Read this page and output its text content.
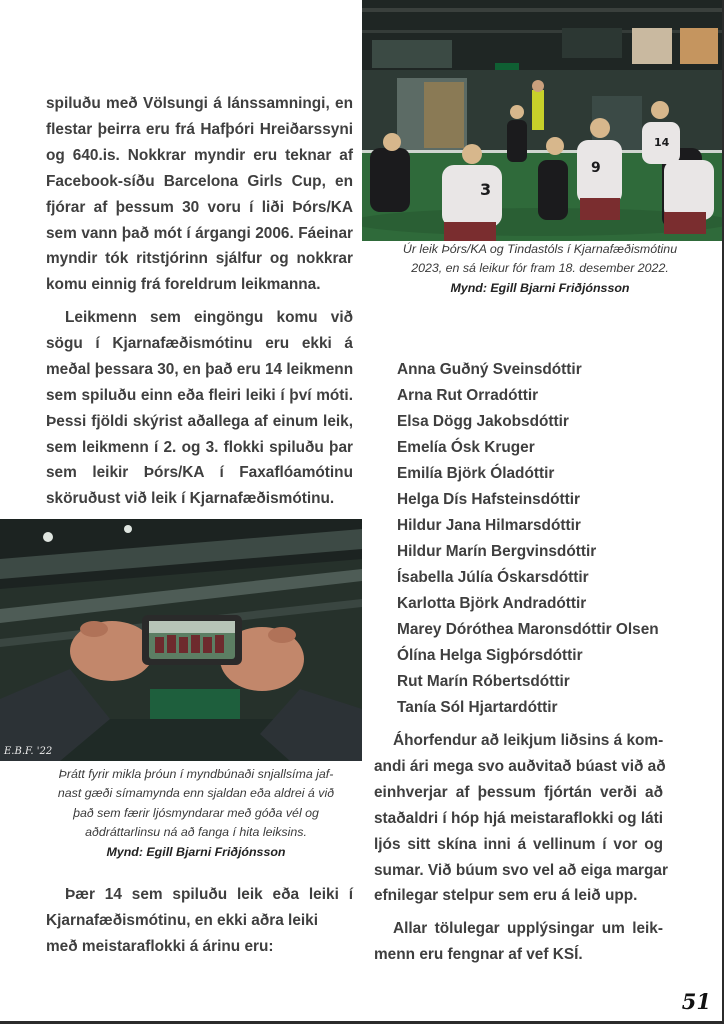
spiluðu með Völsungi á lánssamningi, en
flestar þeirra eru frá Hafþóri Hreiðarssyni
og 640.is. Nokkrar myndir eru teknar af
Facebook-síðu Barcelona Girls Cup, en
fjórar af þessum 30 voru í liði Þórs/KA
sem vann það mót í árgangi 2006. Fáeinar
myndir tók ritstjórinn sjálfur og nokkrar
komu einnig frá foreldrum leikmanna.
Leikmenn sem eingöngu komu við
sögu í Kjarnafæðismótinu eru ekki á
meðal þessara 30, en það eru 14 leikmenn
sem spiluðu einn eða fleiri leiki í því móti.
Þessi fjöldi skýrist aðallega af einum leik,
sem leikmenn í 2. og 3. flokki spiluðu þar
sem leikir Þórs/KA í Faxaflóamótinu
sköruðust við leik í Kjarnafæðismótinu.
3
9
14
Úr leik Þórs/KA og Tindastóls í Kjarnafæðismótinu
2023, en sá leikur fór fram 18. desember 2022.
Mynd: Egill Bjarni Friðjónsson
E.B.F. '22
Þrátt fyrir mikla þróun í myndbúnaði snjallsíma jaf-
nast gæði símamynda enn sjaldan eða aldrei á við
það sem færir ljósmyndarar með góða vél og
aðdráttarlinsu ná að fanga í hita leiksins.
Mynd: Egill Bjarni Friðjónsson
Þær 14 sem spiluðu leik eða leiki í
Kjarnafæðismótinu, en ekki aðra leiki
með meistaraflokki á árinu eru:
Anna Guðný Sveinsdóttir
Arna Rut Orradóttir
Elsa Dögg Jakobsdóttir
Emelía Ósk Kruger
Emilía Björk Óladóttir
Helga Dís Hafsteinsdóttir
Hildur Jana Hilmarsdóttir
Hildur Marín Bergvinsdóttir
Ísabella Júlía Óskarsdóttir
Karlotta Björk Andradóttir
Marey Dóróthea Maronsdóttir Olsen
Ólína Helga Sigþórsdóttir
Rut Marín Róbertsdóttir
Tanía Sól Hjartardóttir
Áhorfendur að leikjum liðsins á kom-
andi ári mega svo auðvitað búast við að
einhverjar af þessum fjórtán verði að
staðaldri í hóp hjá meistaraflokki og láti
ljós sitt skína inni á vellinum í vor og
sumar. Við búum svo vel að eiga margar
efnilegar stelpur sem eru á leið upp.
Allar tölulegar upplýsingar um leik-
menn eru fengnar af vef KSÍ.
51
